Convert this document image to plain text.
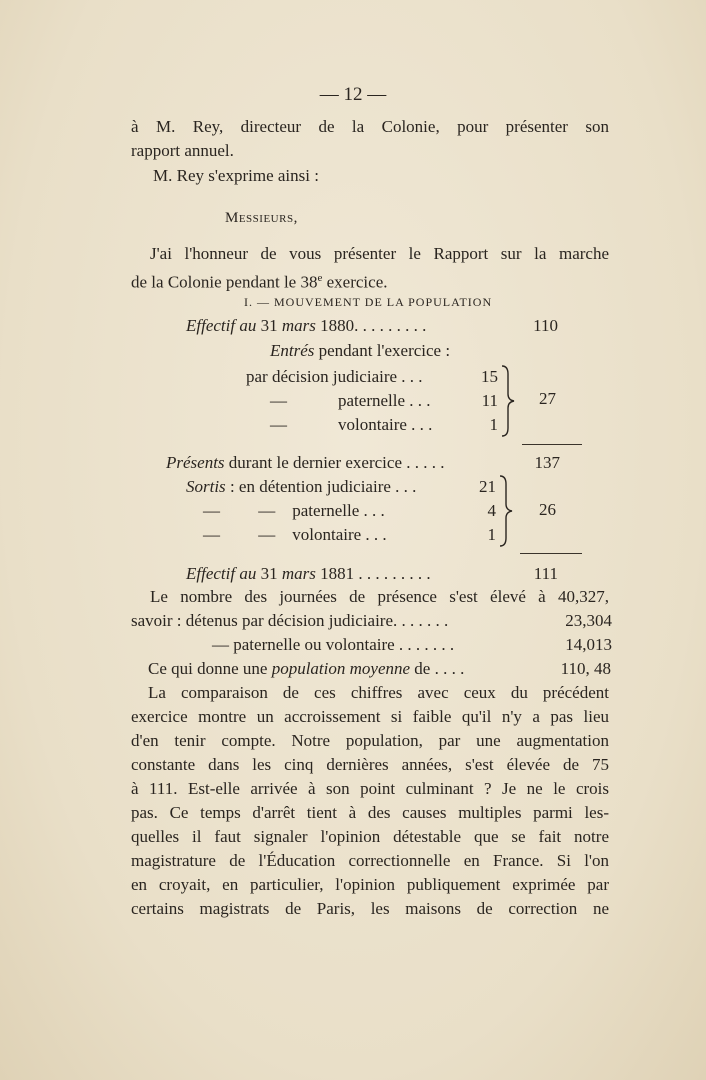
— 12 —
à M. Rey, directeur de la Colonie, pour présenter son
rapport annuel.
M. Rey s'exprime ainsi :
Messieurs,
J'ai l'honneur de vous présenter le Rapport sur la marche
de la Colonie pendant le 38e exercice.
I. — MOUVEMENT DE LA POPULATION
Effectif au 31 mars 1880. . . . . . . . .	110
Entrés pendant l'exercice :
par décision judiciaire . . .	15
—            paternelle . . .	11
—            volontaire . . .	1
27
Présents durant le dernier exercice . . . . .	137
Sortis : en détention judiciaire . . .	21
—         —    paternelle . . .	4
—         —    volontaire . . .	1
26
Effectif au 31 mars 1881 . . . . . . . . .	111
Le nombre des journées de présence s'est élevé à 40,327,
savoir : détenus par décision judiciaire. . . . . . .	23,304
— paternelle ou volontaire . . . . . . .	14,013
Ce qui donne une population moyenne de . . . .	110, 48
La comparaison de ces chiffres avec ceux du précédent
exercice montre un accroissement si faible qu'il n'y a pas lieu
d'en tenir compte. Notre population, par une augmentation
constante dans les cinq dernières années, s'est élevée de 75
à 111. Est-elle arrivée à son point culminant ? Je ne le crois
pas. Ce temps d'arrêt tient à des causes multiples parmi les-
quelles il faut signaler l'opinion détestable que se fait notre
magistrature de l'Éducation correctionnelle en France. Si l'on
en croyait, en particulier, l'opinion publiquement exprimée par
certains magistrats de Paris, les maisons de correction ne
